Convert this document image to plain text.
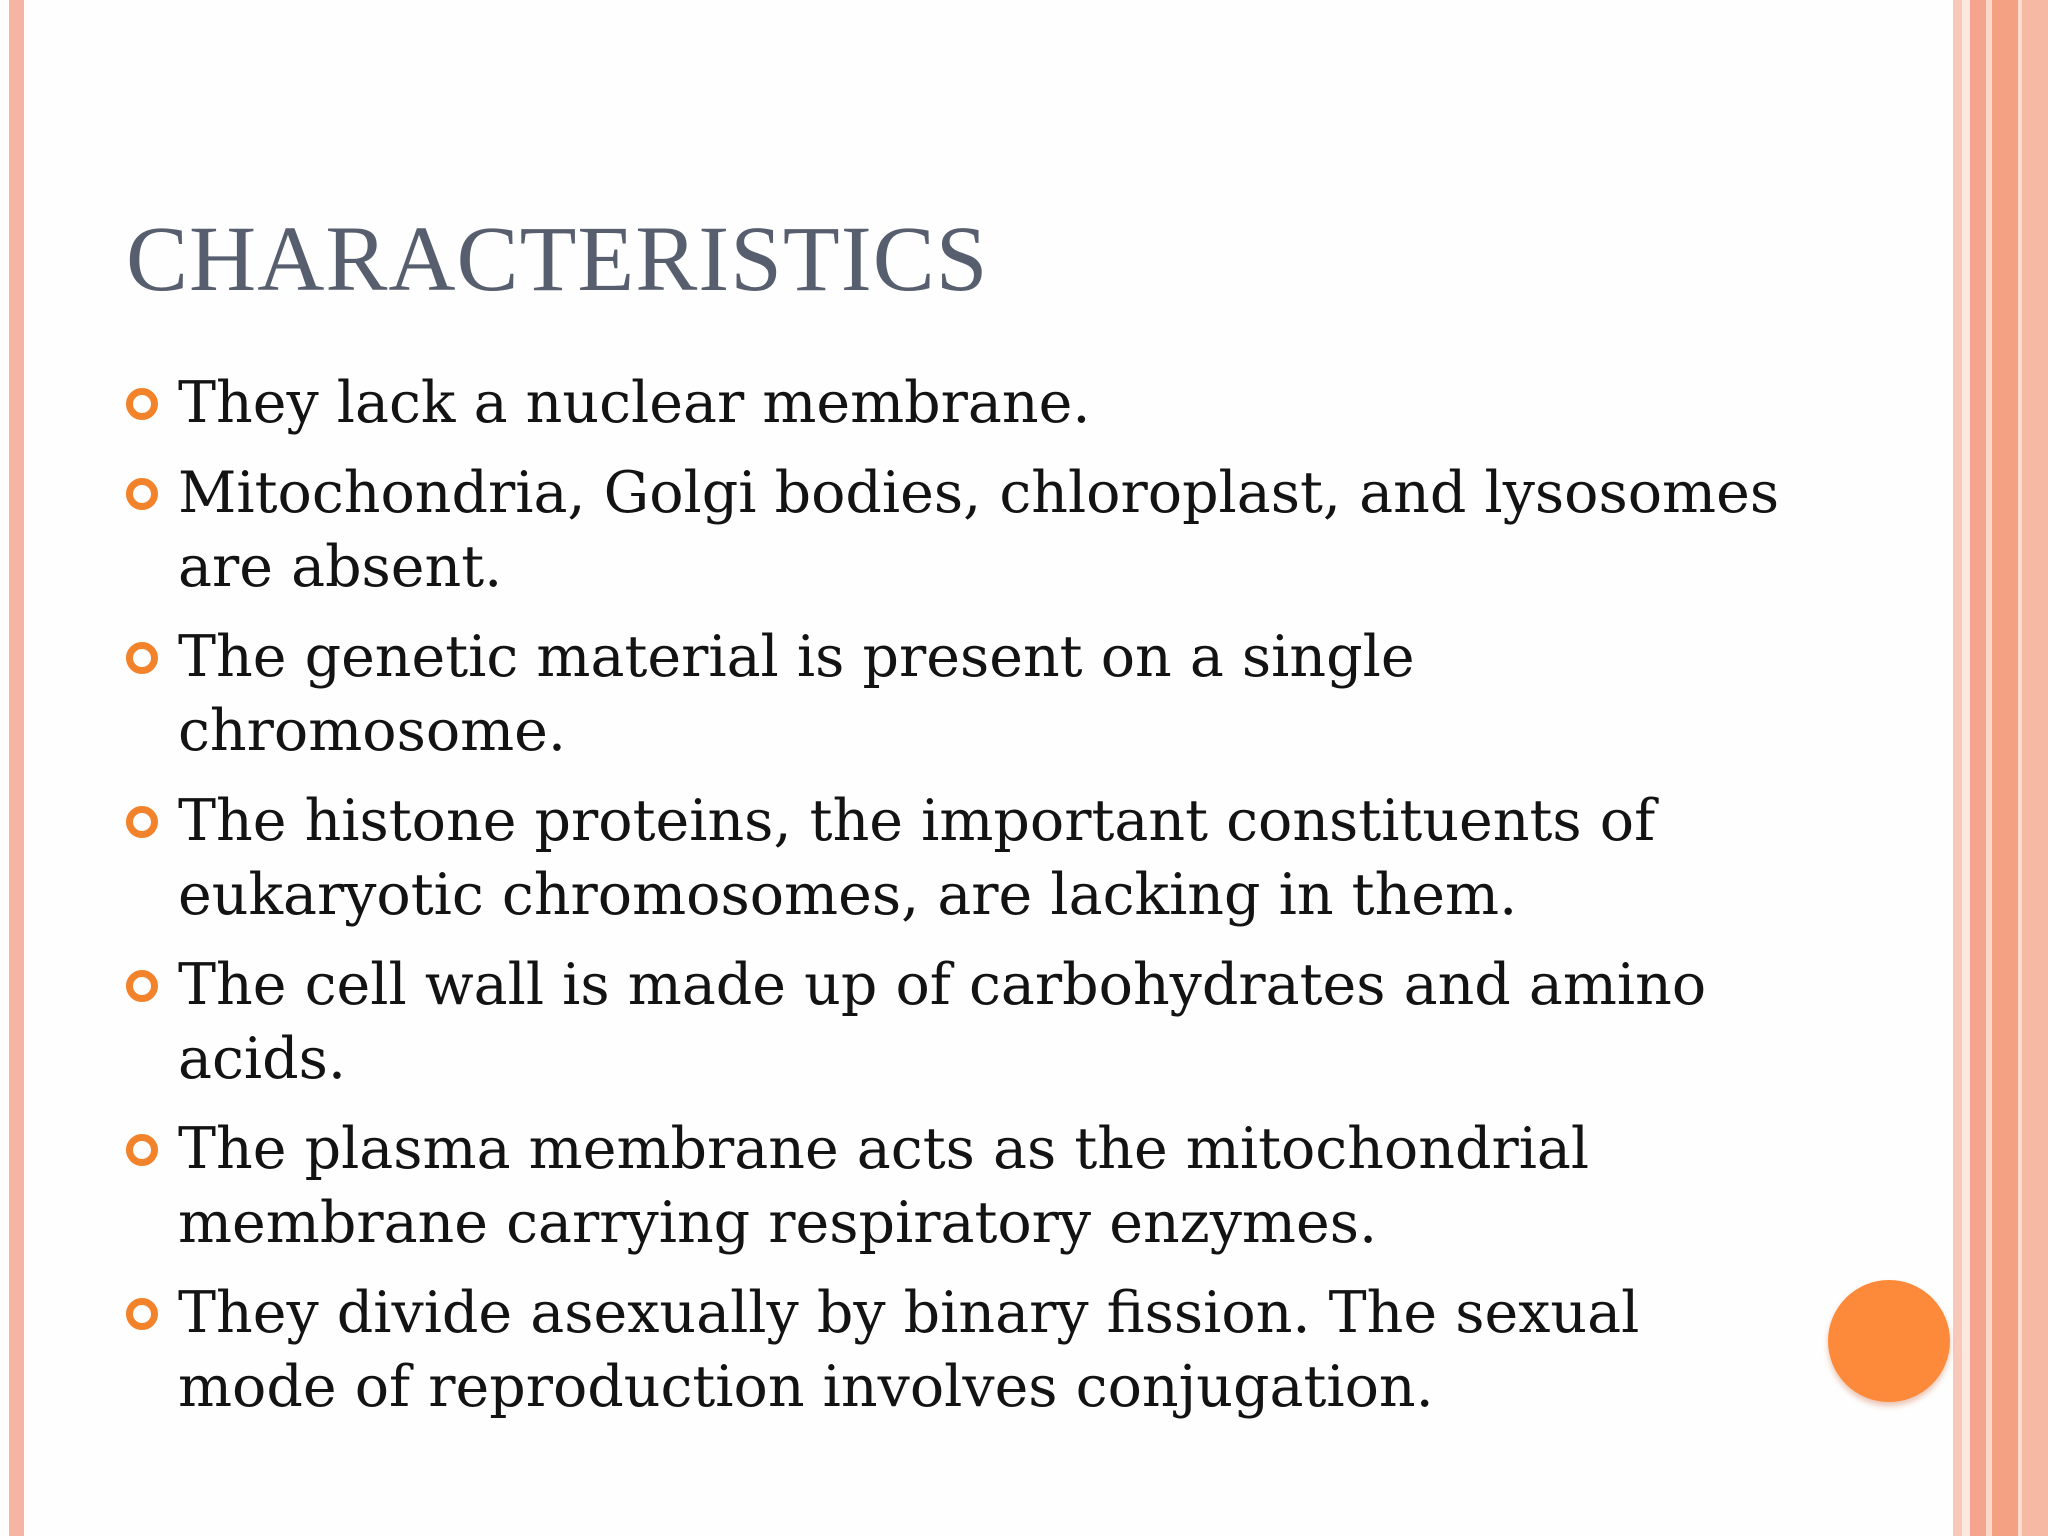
CHARACTERISTICS
They lack a nuclear membrane.
Mitochondria, Golgi bodies, chloroplast, and lysosomes are absent.
The genetic material is present on a single chromosome.
The histone proteins, the important constituents of eukaryotic chromosomes, are lacking in them.
The cell wall is made up of carbohydrates and amino acids.
The plasma membrane acts as the mitochondrial membrane carrying respiratory enzymes.
They divide asexually by binary fission. The sexual mode of reproduction involves conjugation.
